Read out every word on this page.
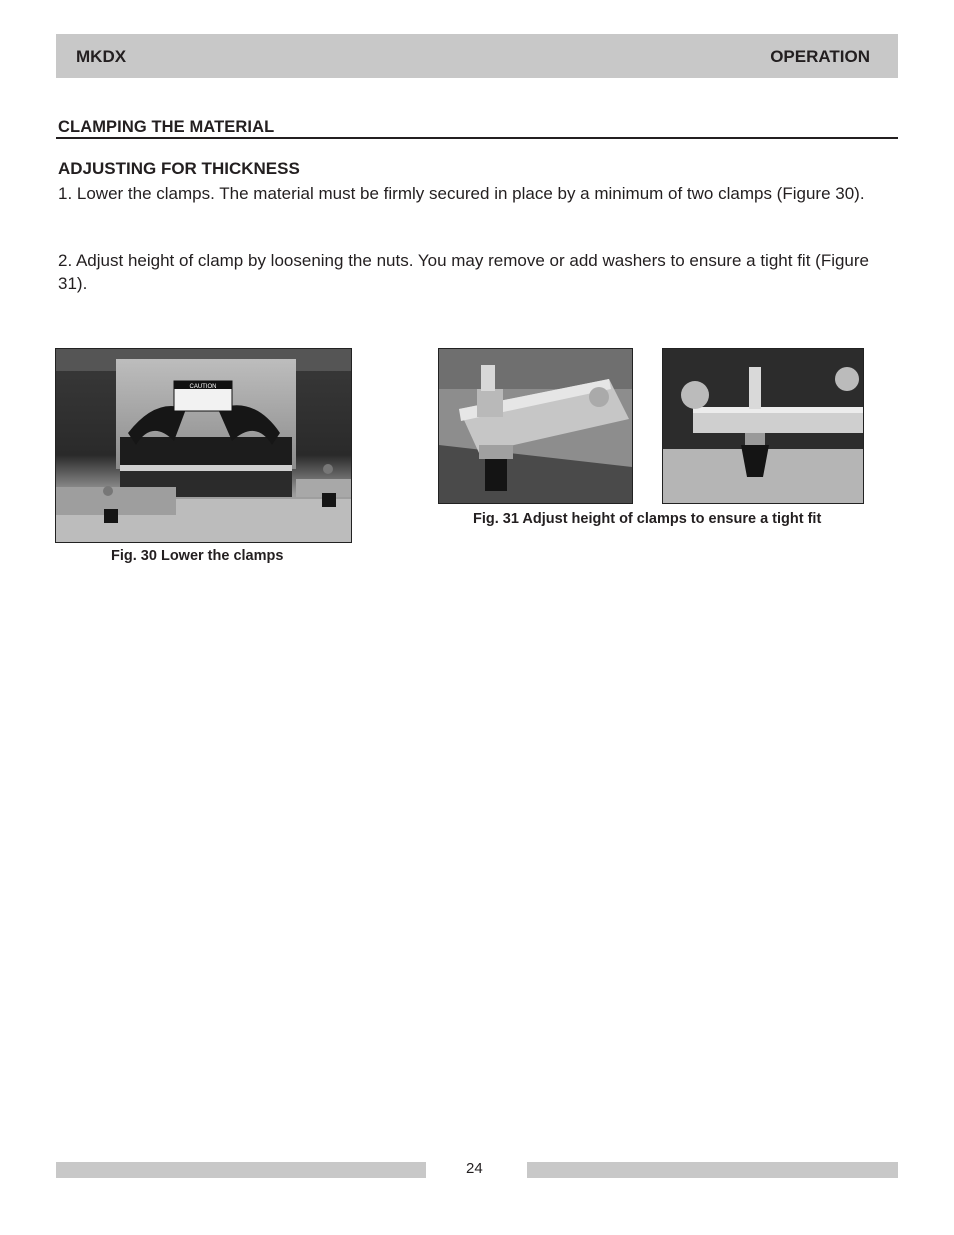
MKDX	OPERATION
CLAMPING THE MATERIAL
ADJUSTING FOR THICKNESS

1. Lower the clamps. The material must be firmly secured in place by a minimum of two clamps (Figure 30).

2. Adjust height of clamp by loosening the nuts. You may remove or add washers to ensure a tight fit (Figure 31).

CAUTION
Fig. 30 Lower the clamps
Fig. 31 Adjust height of clamps to ensure a tight fit
24
